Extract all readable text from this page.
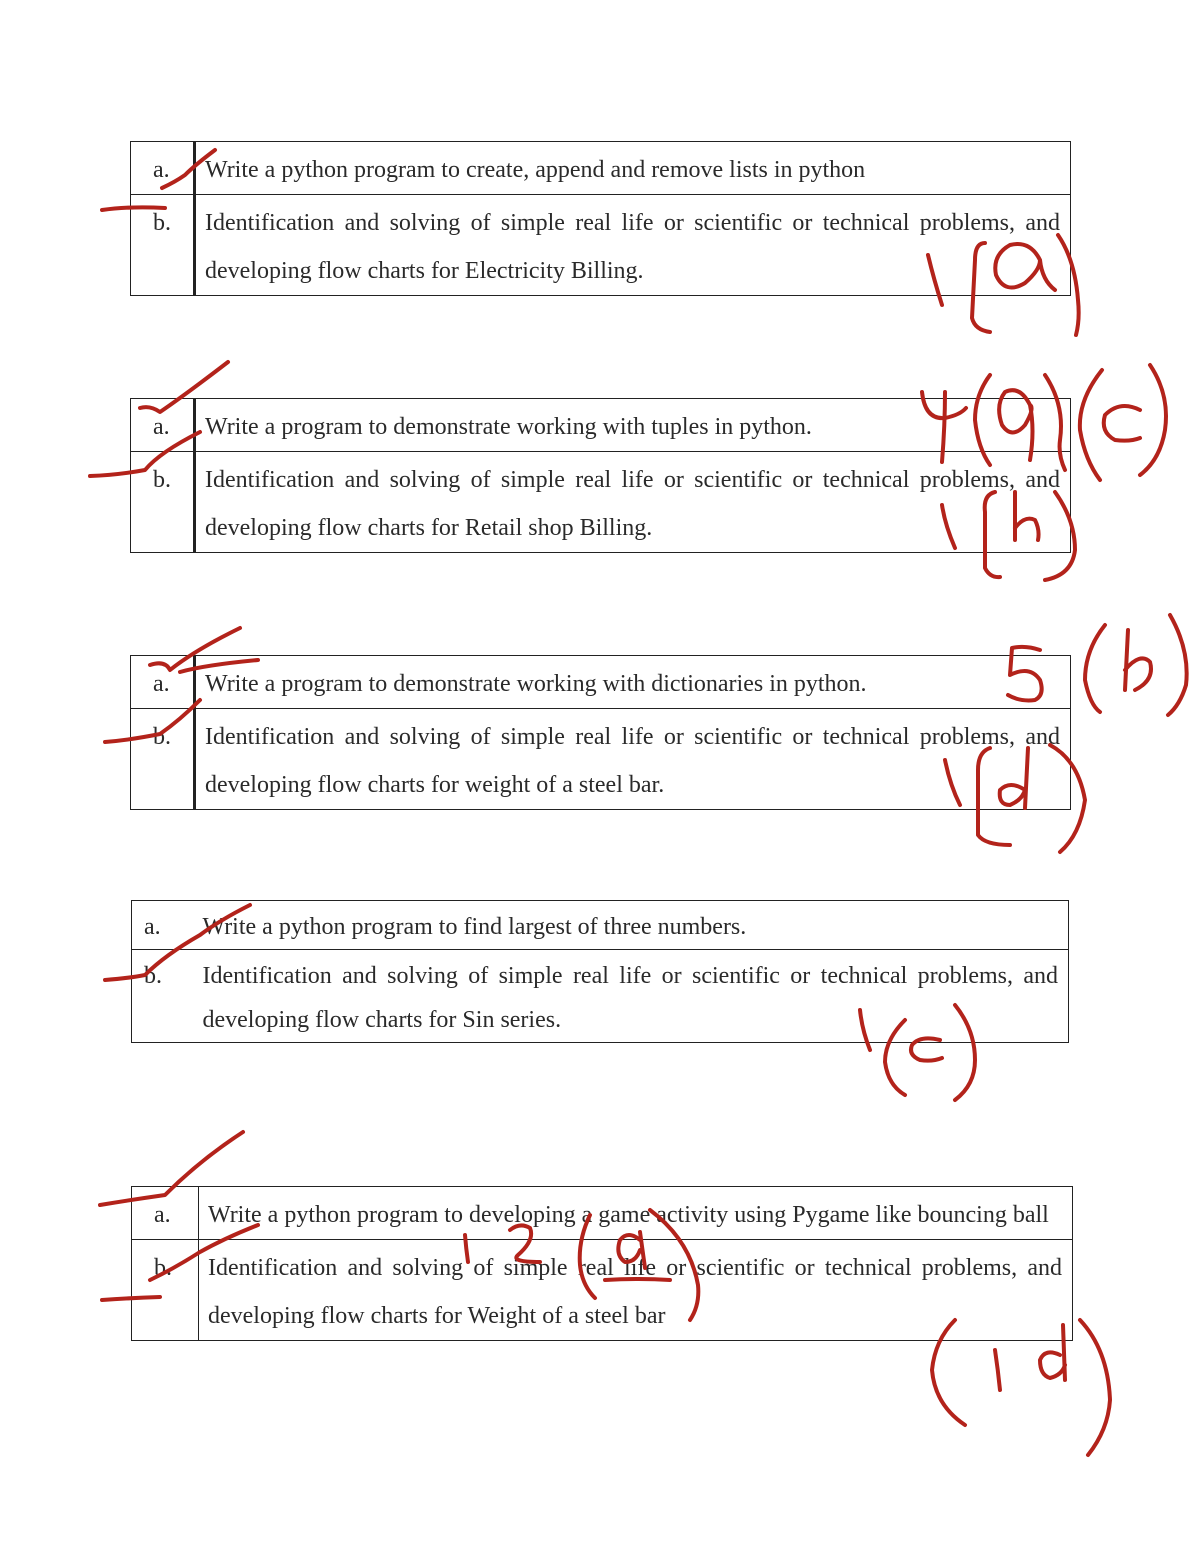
a.	Write a python program to create, append and remove lists in python
b.	Identification and solving of simple real life or scientific or technical problems, and developing flow charts for Electricity Billing.
a.	Write a program to demonstrate working with tuples in python.
b.	Identification and solving of simple real life or scientific or technical problems, and developing flow charts for Retail shop Billing.
a.	Write a program to demonstrate working with dictionaries in python.
b.	Identification and solving of simple real life or scientific or technical problems, and developing flow charts for weight of a steel bar.
a.	Write a python program to find largest of three numbers.
b.	Identification and solving of simple real life or scientific or technical problems, and developing flow charts for Sin series.
a.	Write a python program to developing a game activity using Pygame like bouncing ball
b.	Identification and solving of simple real life or scientific or technical problems, and developing flow charts for Weight of a steel bar
